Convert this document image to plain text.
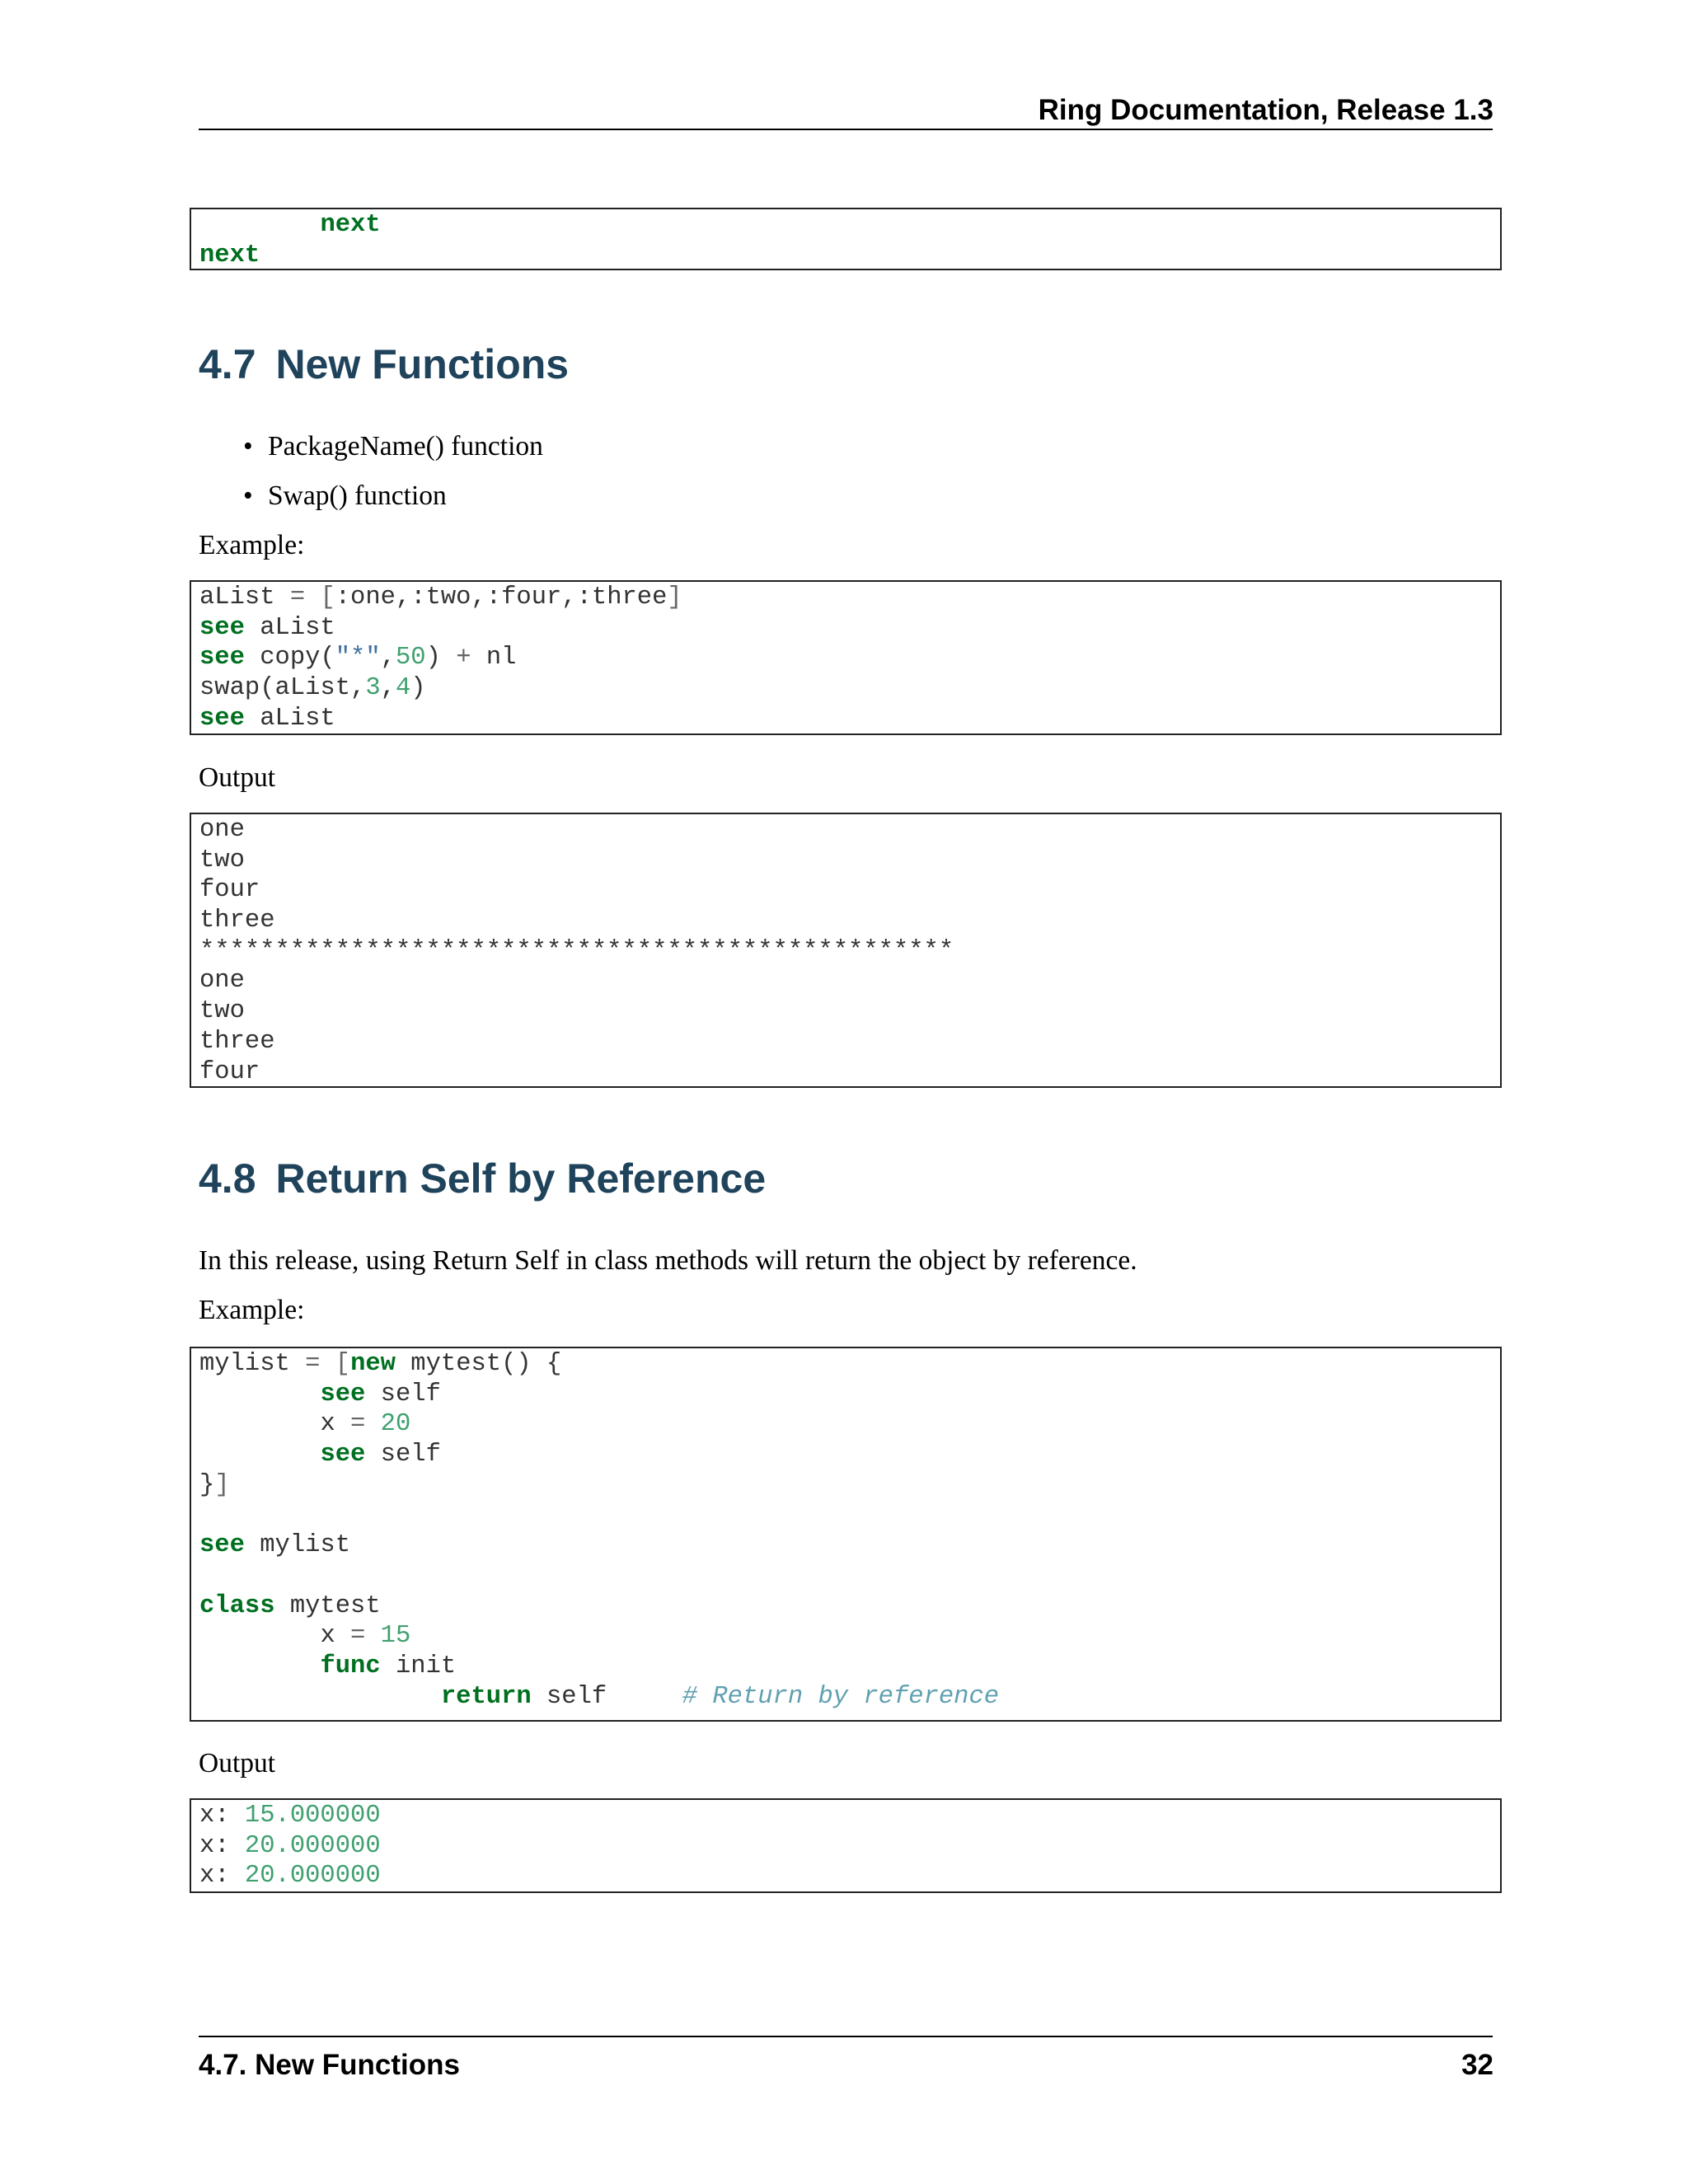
Ring Documentation, Release 1.3
next
next
4.7 New Functions

• PackageName() function

• Swap() function

Example:

aList = [:one,:two,:four,:three]
see aList
see copy("*",50) + nl
swap(aList,3,4)
see aList

Output

one
two
four
three
**************************************************
one
two
three
four
4.8 Return Self by Reference

In this release, using Return Self in class methods will return the object by reference.

Example:

mylist = [new mytest() {
see self
x = 20
see self
}]
see mylist
class mytest
x = 15
func init
return self     # Return by reference

Output

x: 15.000000
x: 20.000000
x: 20.000000
4.7. New Functions	32
